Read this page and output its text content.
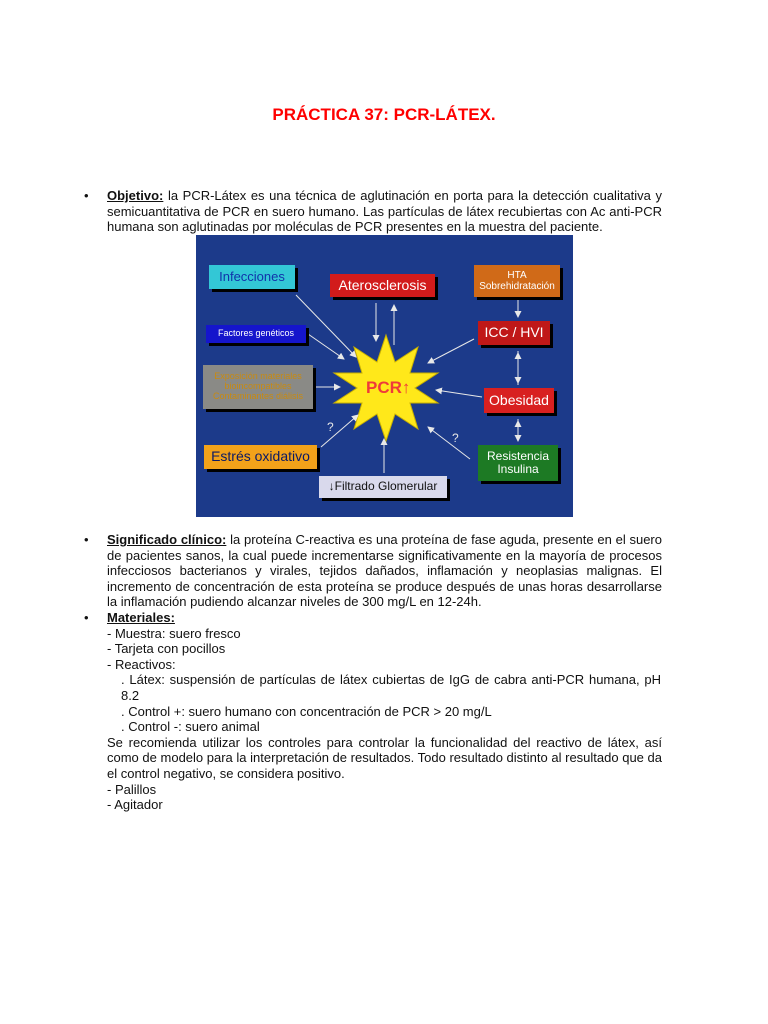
PRÁCTICA 37: PCR-LÁTEX.
• Objetivo: la PCR-Látex es una técnica de aglutinación en porta para la detección cualitativa y semicuantitativa de PCR en suero humano. Las partículas de látex recubiertas con Ac anti-PCR humana son aglutinadas por moléculas de PCR presentes en la muestra del paciente.

PCR↑
?
?
Infecciones
Aterosclerosis
HTA
Sobrehidratación
Factores genéticos	ICC / HVI
Exposición materiales
bioincompatibles
Contaminantes diálisis	Obesidad
Estrés oxidativo	Resistencia
Insulina
↓ Filtrado Glomerular
• Significado clínico: la proteína C-reactiva es una proteína de fase aguda, presente en el suero de pacientes sanos, la cual puede incrementarse significativamente en la mayoría de procesos infecciosos bacterianos y virales, tejidos dañados, inflamación y neoplasias malignas. El incremento de concentración de esta proteína se produce después de unas horas desarrollarse la inflamación pudiendo alcanzar niveles de 300 mg/L en 12-24h.

• Materiales:
- Muestra: suero fresco
- Tarjeta con pocillos
- Reactivos:
. Látex: suspensión de partículas de látex cubiertas de IgG de cabra anti-PCR humana, pH 8.2
. Control +: suero humano con concentración de PCR > 20 mg/L
. Control -: suero animal
Se recomienda utilizar los controles para controlar la funcionalidad del reactivo de látex, así como de modelo para la interpretación de resultados. Todo resultado distinto al resultado que da el control negativo, se considera positivo.
- Palillos
- Agitador
